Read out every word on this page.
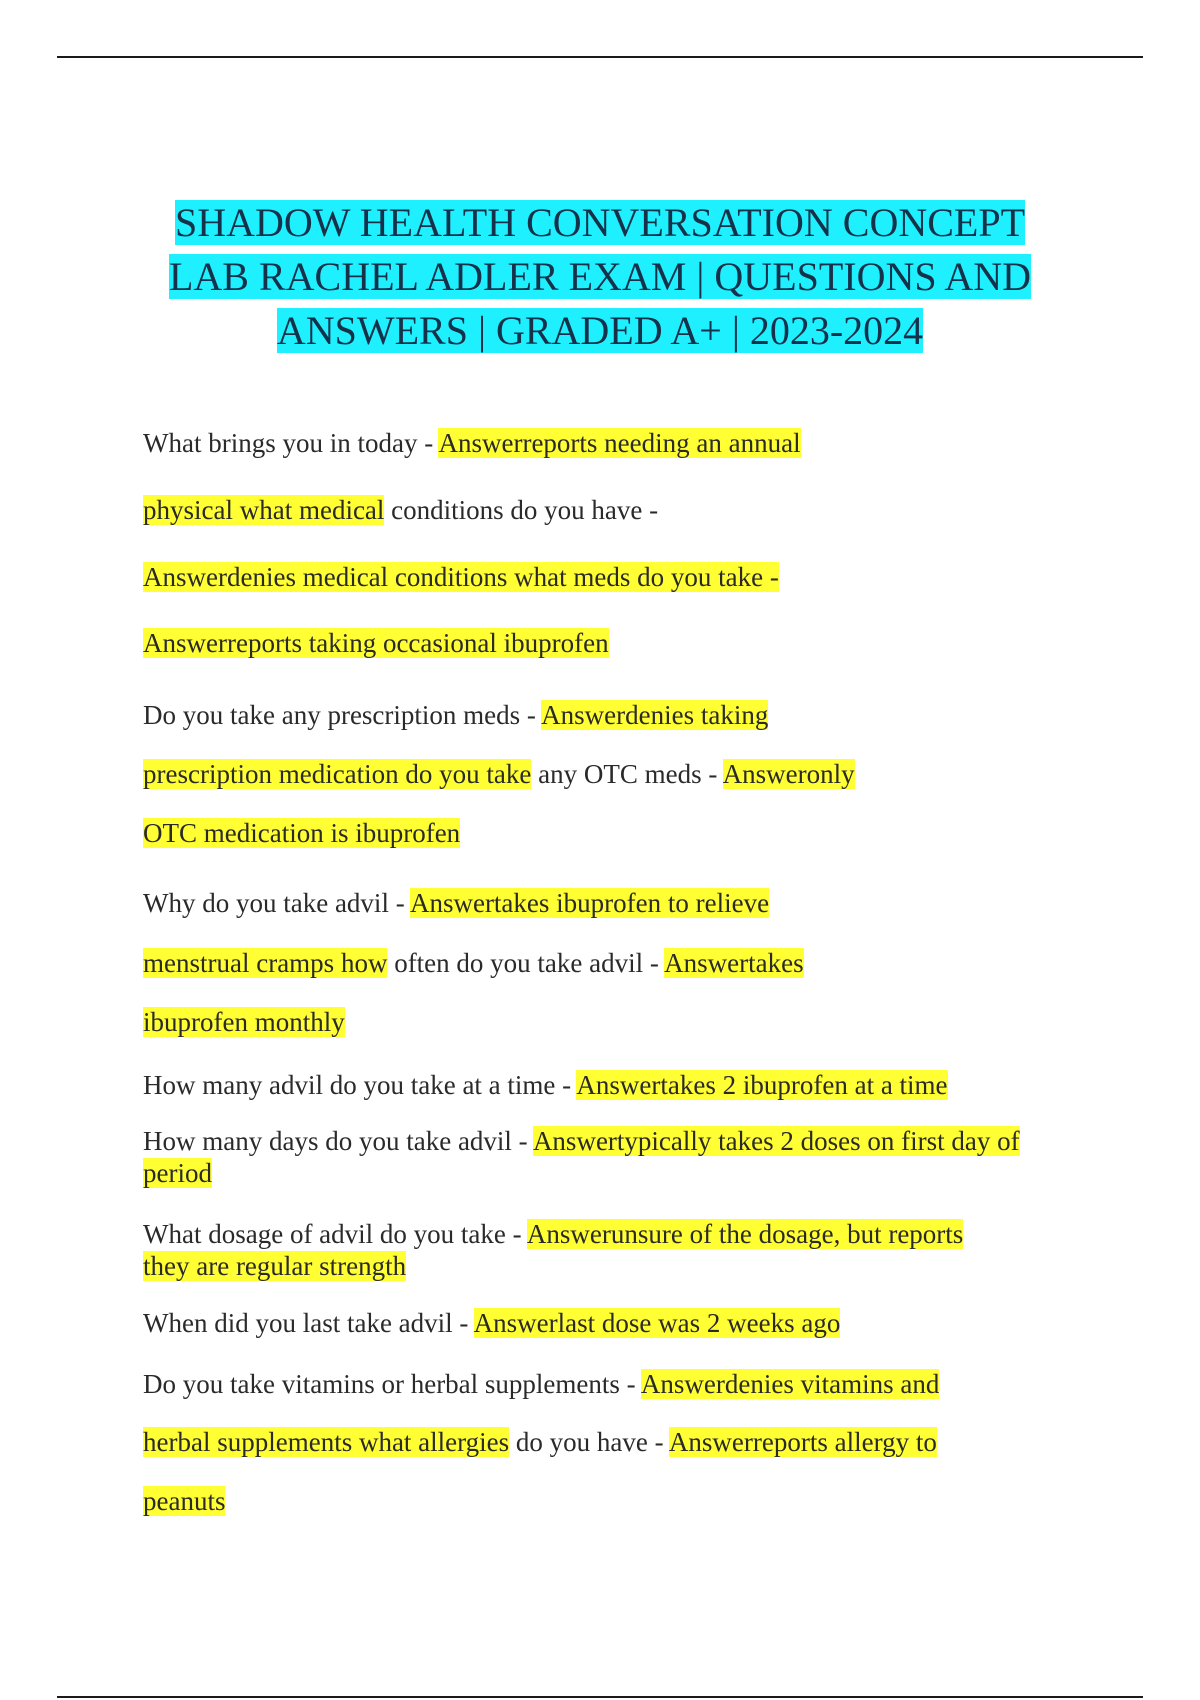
SHADOW HEALTH CONVERSATION CONCEPT
LAB RACHEL ADLER EXAM | QUESTIONS AND
ANSWERS | GRADED A+ | 2023-2024
What brings you in today - Answerreports needing an annual
physical what medical conditions do you have -
Answerdenies medical conditions what meds do you take -
Answerreports taking occasional ibuprofen
Do you take any prescription meds - Answerdenies taking
prescription medication do you take any OTC meds - Answeronly
OTC medication is ibuprofen
Why do you take advil - Answertakes ibuprofen to relieve
menstrual cramps how often do you take advil - Answertakes
ibuprofen monthly
How many advil do you take at a time - Answertakes 2 ibuprofen at a time
How many days do you take advil - Answertypically takes 2 doses on first day of
period
What dosage of advil do you take - Answerunsure of the dosage, but reports
they are regular strength
When did you last take advil - Answerlast dose was 2 weeks ago
Do you take vitamins or herbal supplements - Answerdenies vitamins and
herbal supplements what allergies do you have - Answerreports allergy to
peanuts
